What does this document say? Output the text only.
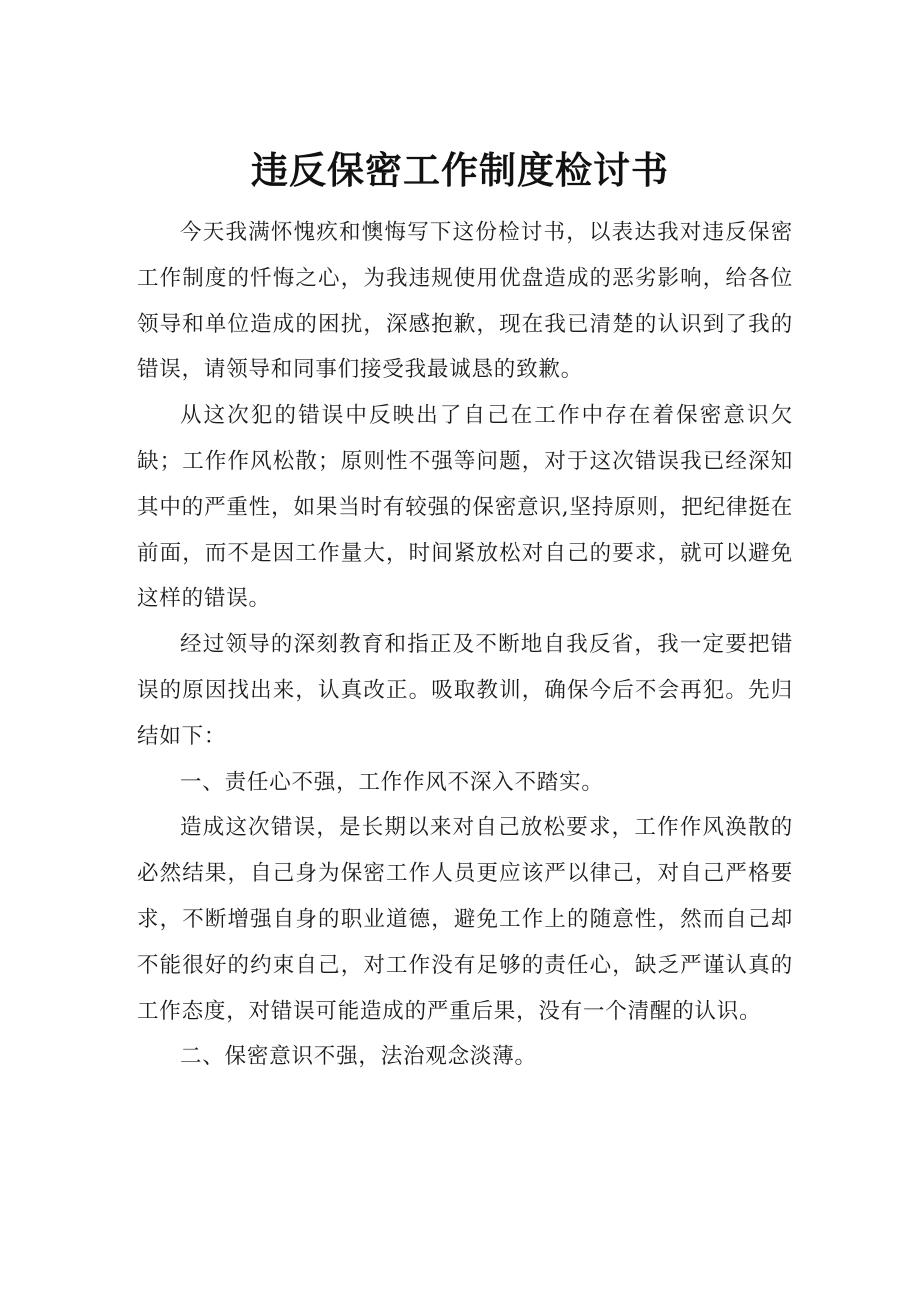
违反保密工作制度检讨书

今天我满怀愧疚和懊悔写下这份检讨书，以表达我对违反保密工作制度的忏悔之心，为我违规使用优盘造成的恶劣影响，给各位领导和单位造成的困扰，深感抱歉，现在我已清楚的认识到了我的错误，请领导和同事们接受我最诚恳的致歉。

从这次犯的错误中反映出了自己在工作中存在着保密意识欠缺；工作作风松散；原则性不强等问题，对于这次错误我已经深知其中的严重性，如果当时有较强的保密意识,坚持原则，把纪律挺在前面，而不是因工作量大，时间紧放松对自己的要求，就可以避免这样的错误。

经过领导的深刻教育和指正及不断地自我反省，我一定要把错误的原因找出来，认真改正。吸取教训，确保今后不会再犯。先归结如下：

一、责任心不强，工作作风不深入不踏实。

造成这次错误，是长期以来对自己放松要求，工作作风涣散的必然结果，自己身为保密工作人员更应该严以律己，对自己严格要求，不断增强自身的职业道德，避免工作上的随意性，然而自己却不能很好的约束自己，对工作没有足够的责任心，缺乏严谨认真的工作态度，对错误可能造成的严重后果，没有一个清醒的认识。

二、保密意识不强，法治观念淡薄。
